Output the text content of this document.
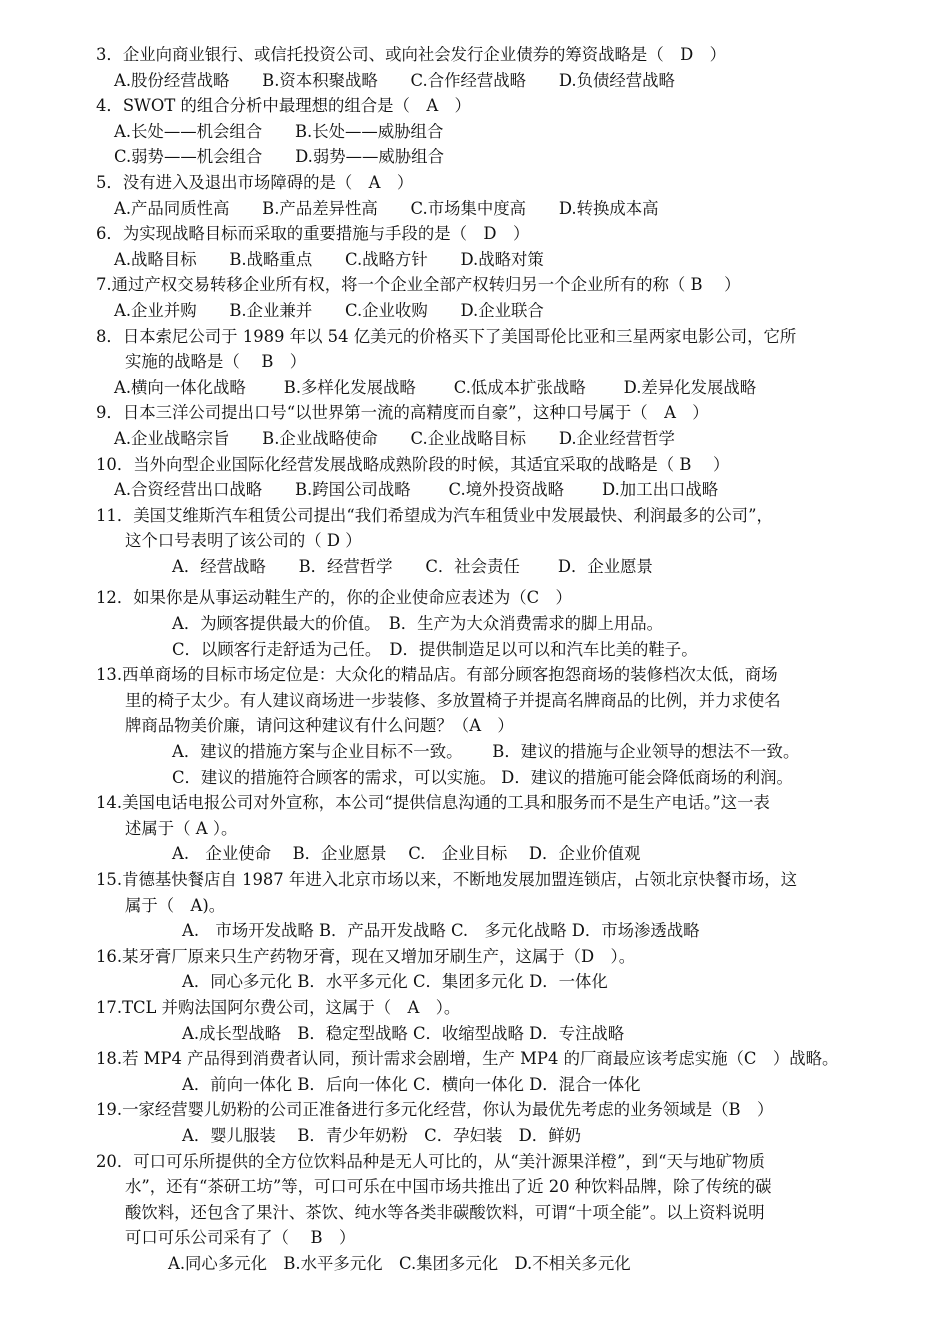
3．企业向商业银行、或信托投资公司、或向社会发行企业债券的筹资战略是（　D　）
A.股份经营战略　　B.资本积聚战略　　C.合作经营战略　　D.负债经营战略
4．SWOT 的组合分析中最理想的组合是（　A　）
A.长处——机会组合　　B.长处——威胁组合
C.弱势——机会组合　　D.弱势——威胁组合
5．没有进入及退出市场障碍的是（　A　）
A.产品同质性高　　B.产品差异性高　　C.市场集中度高　　D.转换成本高
6．为实现战略目标而采取的重要措施与手段的是（　D　）
A.战略目标　　B.战略重点　　C.战略方针　　D.战略对策
7.通过产权交易转移企业所有权，将一个企业全部产权转归另一个企业所有的称（ B　 ）
A.企业并购　　B.企业兼并　　C.企业收购　　D.企业联合
8．日本索尼公司于 1989 年以 54 亿美元的价格买下了美国哥伦比亚和三星两家电影公司，它所
实施的战略是（　 B　）
A.横向一体化战略　　 B.多样化发展战略　　 C.低成本扩张战略　　 D.差异化发展战略
9．日本三洋公司提出口号“以世界第一流的高精度而自豪”，这种口号属于（　A　）
A.企业战略宗旨　　B.企业战略使命　　C.企业战略目标　　D.企业经营哲学
10．当外向型企业国际化经营发展战略成熟阶段的时候，其适宜采取的战略是（ B　 ）
A.合资经营出口战略　　B.跨国公司战略　　 C.境外投资战略　　 D.加工出口战略
11．美国艾维斯汽车租赁公司提出“我们希望成为汽车租赁业中发展最快、利润最多的公司”，
这个口号表明了该公司的（ D ）
A．经营战略　　B．经营哲学　　C．社会责任　　 D．企业愿景
12．如果你是从事运动鞋生产的，你的企业使命应表述为（C　）
A．为顾客提供最大的价值。　B．生产为大众消费需求的脚上用品。
C．以顾客行走舒适为己任。　D．提供制造足以可以和汽车比美的鞋子。
13.西单商场的目标市场定位是：大众化的精品店。有部分顾客抱怨商场的装修档次太低，商场
里的椅子太少。有人建议商场进一步装修、多放置椅子并提高名牌商品的比例，并力求使名
牌商品物美价廉，请问这种建议有什么问题？（A　）
A．建议的措施方案与企业目标不一致。　　 B．建议的措施与企业领导的想法不一致。
C．建议的措施符合顾客的需求，可以实施。 D．建议的措施可能会降低商场的利润。
14.美国电话电报公司对外宣称，本公司“提供信息沟通的工具和服务而不是生产电话。”这一表
述属于（ A ）。
A.　企业使命　 B．企业愿景　 C.　企业目标　 D．企业价值观
15.肯德基快餐店自 1987 年进入北京市场以来，不断地发展加盟连锁店，占领北京快餐市场，这
属于（　A)。
A.　市场开发战略 B．产品开发战略 C.　多元化战略 D．市场渗透战略
16.某牙膏厂原来只生产药物牙膏，现在又增加牙刷生产，这属于（D　）。
A．同心多元化 B．水平多元化 C．集团多元化 D．一体化
17.TCL 并购法国阿尔费公司，这属于（　A　）。
A.成长型战略　B．稳定型战略 C．收缩型战略 D．专注战略
18.若 MP4 产品得到消费者认同，预计需求会剧增，生产 MP4 的厂商最应该考虑实施（C　）战略。
A．前向一体化 B．后向一体化 C．横向一体化 D．混合一体化
19.一家经营婴儿奶粉的公司正准备进行多元化经营，你认为最优先考虑的业务领域是（B　）
A．婴儿服装　 B．青少年奶粉　C．孕妇装　D．鲜奶
20．可口可乐所提供的全方位饮料品种是无人可比的，从“美汁源果洋橙”，到“天与地矿物质
水”，还有“茶研工坊”等，可口可乐在中国市场共推出了近 20 种饮料品牌，除了传统的碳
酸饮料，还包含了果汁、茶饮、纯水等各类非碳酸饮料，可谓“十项全能”。以上资料说明
可口可乐公司采有了（　 B　）
A.同心多元化　B.水平多元化　C.集团多元化　D.不相关多元化
